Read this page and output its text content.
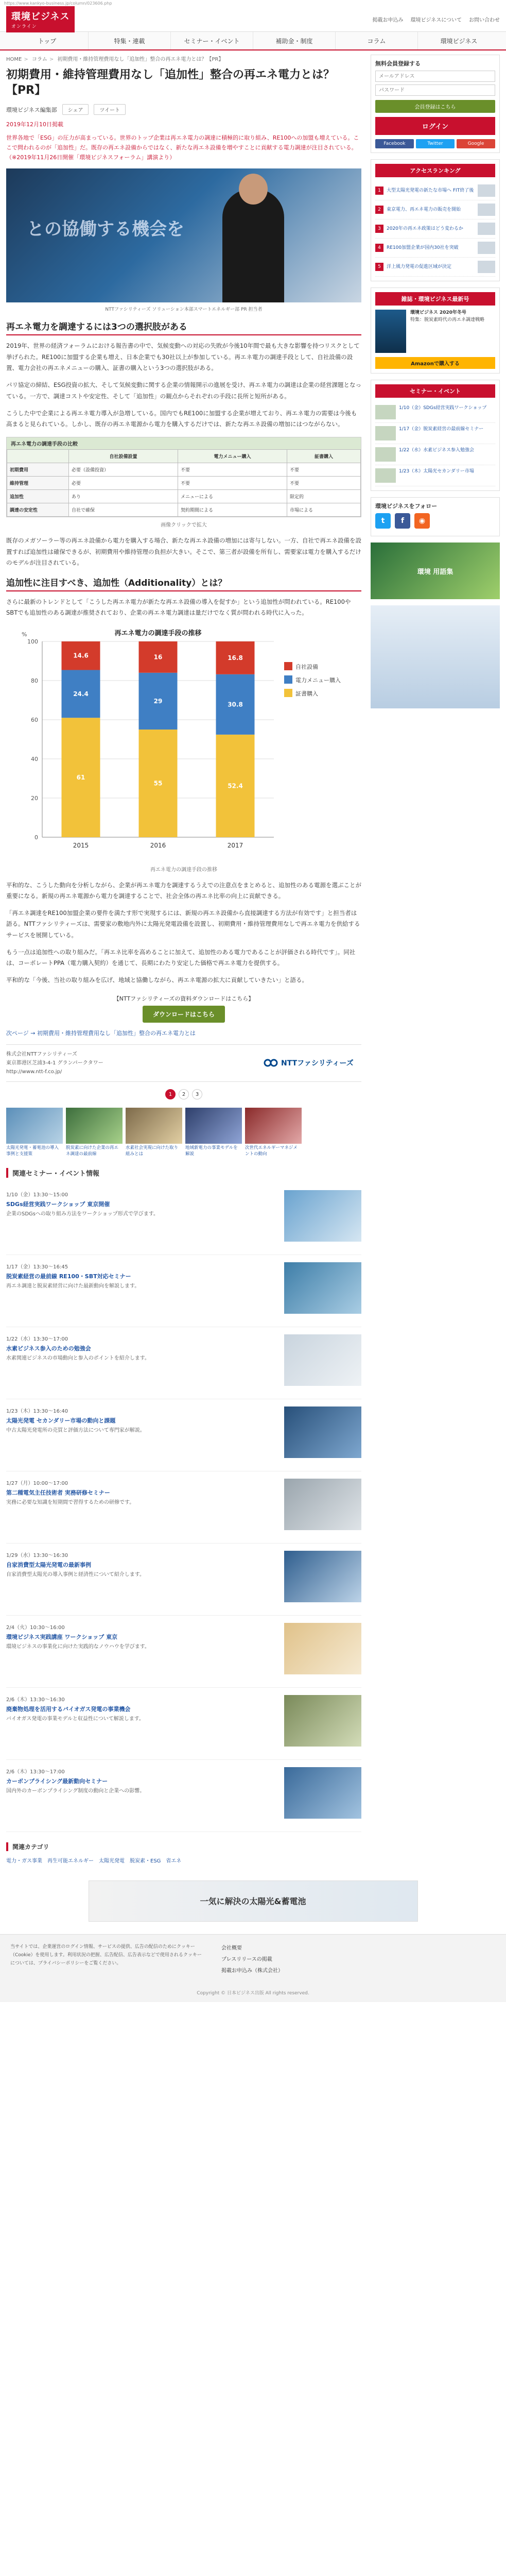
https://www.kankyo-business.jp/column/023606.php
環境ビジネス
オンライン
掲載お申込み 環境ビジネスについて お問い合わせ
トップ	特集・連載	セミナー・イベント	補助金・制度	コラム	環境ビジネス
HOME > コラム > 初期費用・維持管理費用なし「追加性」整合の再エネ電力とは？【PR】
初期費用・維持管理費用なし「追加性」整合の再エネ電力とは？【PR】
環境ビジネス編集部	シェア	ツイート
2019年12月10日掲載

世界各地で「ESG」の圧力が高まっている。世界のトップ企業は再エネ電力の調達に積極的に取り組み、RE100への加盟も増えている。ここで問われるのが「追加性」だ。既存の再エネ設備からではなく、新たな再エネ設備を増やすことに貢献する電力調達が注目されている。（※2019年11月26日開催「環境ビジネスフォーラム」講演より）

との協働する機会を
NTTファシリティーズ ソリューション本部スマートエネルギー部 PR 担当者
再エネ電力を調達するには3つの選択肢がある

2019年、世界の経済フォーラムにおける報告書の中で、気候変動への対応の失敗が今後10年間で最も大きな影響を持つリスクとして挙げられた。RE100に加盟する企業も増え、日本企業でも30社以上が参加している。再エネ電力の調達手段として、自社設備の設置、電力会社の再エネメニューの購入、証書の購入という3つの選択肢がある。

パリ協定の締結、ESG投資の拡大、そして気候変動に関する企業の情報開示の進展を受け、再エネ電力の調達は企業の経営課題となっている。一方で、調達コストや安定性、そして「追加性」の観点からそれぞれの手段に長所と短所がある。

こうした中で企業による再エネ電力導入が急増している。国内でもRE100に加盟する企業が増えており、再エネ電力の需要は今後も高まると見られている。しかし、既存の再エネ電源から電力を購入するだけでは、新たな再エネ設備の増加にはつながらない。

再エネ電力の調達手段の比較
	自社設備設置	電力メニュー購入	証書購入
初期費用	必要（設備投資）	不要	不要
維持管理	必要	不要	不要
追加性	あり	メニューによる	限定的
調達の安定性	自社で確保	契約期間による	市場による
画像クリックで拡大

既存のメガソーラー等の再エネ設備から電力を購入する場合、新たな再エネ設備の増加には寄与しない。一方、自社で再エネ設備を設置すれば追加性は確保できるが、初期費用や維持管理の負担が大きい。そこで、第三者が設備を所有し、需要家は電力を購入するだけのモデルが注目されている。

追加性に注目すべき、追加性（Additionality）とは？

さらに最新のトレンドとして「こうした再エネ電力が新たな再エネ設備の導入を促すか」という追加性が問われている。RE100やSBTでも追加性のある調達が推奨されており、企業の再エネ電力調達は量だけでなく質が問われる時代に入った。

0
20
40
60
80
100
%
61
24.4
14.6
2015
55
29
16
2016
52.4
30.8
16.8
2017
自社設備
電力メニュー購入
証書購入
再エネ電力の調達手段の推移
再エネ電力の調達手段の推移

平和的な、こうした動向を分析しながら、企業が再エネ電力を調達するうえでの注意点をまとめると、追加性のある電源を選ぶことが重要になる。新規の再エネ電源から電力を調達することで、社会全体の再エネ比率の向上に貢献できる。

「再エネ調達をRE100加盟企業の要件を満たす形で実現するには、新規の再エネ設備から直接調達する方法が有効です」と担当者は語る。NTTファシリティーズは、需要家の敷地内外に太陽光発電設備を設置し、初期費用・維持管理費用なしで再エネ電力を供給するサービスを展開している。

もう一点は追加性への取り組みだ。「再エネ比率を高めることに加えて、追加性のある電力であることが評価される時代です」。同社は、コーポレートPPA（電力購入契約）を通じて、長期にわたり安定した価格で再エネ電力を提供する。

平和的な「今後、当社の取り組みを広げ、地域と協働しながら、再エネ電源の拡大に貢献していきたい」と語る。

【NTTファシリティーズの資料ダウンロードはこちら】
ダウンロードはこちら
次ページ → 初期費用・維持管理費用なし「追加性」整合の再エネ電力とは
株式会社NTTファシリティーズ
東京都港区芝浦3-4-1 グランパークタワー
http://www.ntt-f.co.jp/
NTTファシリティーズ
1	2	3
太陽光発電・蓄電池の導入事例と支援策
脱炭素に向けた企業の再エネ調達の最前線
水素社会実現に向けた取り組みとは
地域新電力の事業モデルを解説
次世代エネルギーマネジメントの動向
関連セミナー・イベント情報
1/10（金）13:30〜15:00
SDGs経営実践ワークショップ 東京開催
企業のSDGsへの取り組み方法をワークショップ形式で学びます。
1/17（金）13:30〜16:45
脱炭素経営の最前線 RE100・SBT対応セミナー
再エネ調達と脱炭素経営に向けた最新動向を解説します。
1/22（水）13:30〜17:00
水素ビジネス参入のための勉強会
水素関連ビジネスの市場動向と参入のポイントを紹介します。
1/23（木）13:30〜16:40
太陽光発電 セカンダリー市場の動向と課題
中古太陽光発電所の売買と評価方法について専門家が解説。
1/27（月）10:00〜17:00
第二種電気主任技術者 実務研修セミナー
実務に必要な知識を短期間で習得するための研修です。
1/29（水）13:30〜16:30
自家消費型太陽光発電の最新事例
自家消費型太陽光の導入事例と経済性について紹介します。
2/4（火）10:30〜16:00
環境ビジネス実践講座 ワークショップ 東京
環境ビジネスの事業化に向けた実践的なノウハウを学びます。
2/6（木）13:30〜16:30
廃棄物処理を活用するバイオガス発電の事業機会
バイオガス発電の事業モデルと収益性について解説します。
2/6（木）13:30〜17:00
カーボンプライシング最新動向セミナー
国内外のカーボンプライシング制度の動向と企業への影響。
関連カテゴリ
電力・ガス事業 再生可能エネルギー 太陽光発電 脱炭素・ESG 省エネ
無料会員登録する
メールアドレス
会員登録はこちら
ログイン
Facebook	Twitter	Google
アクセスランキング
1	大型太陽光発電の新たな市場へ FIT終了後
2	東京電力、再エネ電力の販売を開始
3	2020年の再エネ政策はどう変わるか
4	RE100加盟企業が国内30社を突破
5	洋上風力発電の促進区域が決定
雑誌・環境ビジネス最新号
環境ビジネス 2020年冬号
特集：脱炭素時代の再エネ調達戦略
Amazonで購入する
セミナー・イベント
1/10（金）SDGs経営実践ワークショップ
1/17（金）脱炭素経営の最前線セミナー
1/22（水）水素ビジネス参入勉強会
1/23（木）太陽光セカンダリー市場
環境ビジネスをフォロー
t	f	◉
環境 用語集
一気に解決の太陽光&蓄電池
当サイトでは、企業運営のログイン情報、サービスの提供、広告の配信のためにクッキー（Cookie）を使用します。利用状況の把握、広告配信、広告表示などで使用されるクッキーについては、プライバシーポリシーをご覧ください。
会社概要
プレスリリースの掲載
掲載お申込み（株式会社）
Copyright © 日本ビジネス出版 All rights reserved.
